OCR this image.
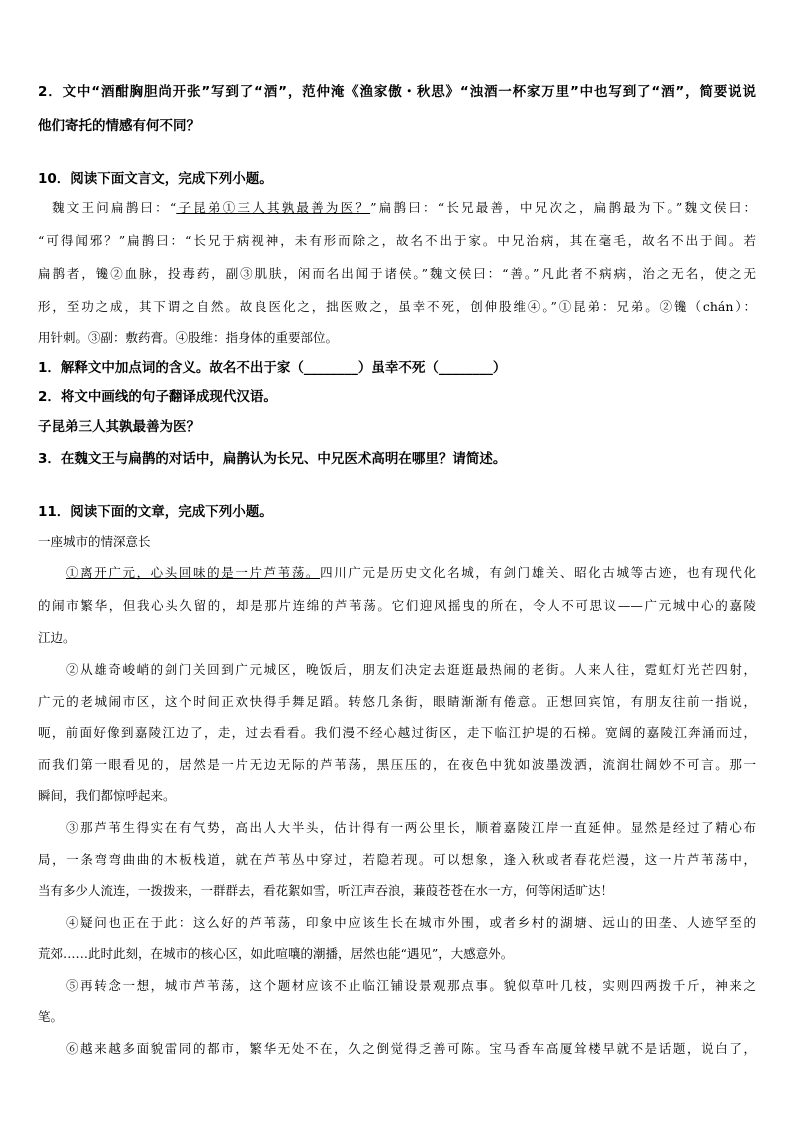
2．文中“酒酣胸胆尚开张”写到了“酒”，范仲淹《渔家傲・秋思》“浊酒一杯家万里”中也写到了“酒”，简要说说
他们寄托的情感有何不同？
10．阅读下面文言文，完成下列小题。
魏文王问扁鹊曰：“子昆弟①三人其孰最善为医？”扁鹊曰：“长兄最善，中兄次之，扁鹊最为下。”魏文侯曰：
“可得闻邪？”扁鹊曰：“长兄于病视神，未有形而除之，故名不出于家。中兄治病，其在毫毛，故名不出于闾。若
扁鹊者，镵②血脉，投毒药，副③肌肤，闲而名出闻于诸侯。”魏文侯曰：“善。”凡此者不病病，治之无名，使之无
形，至功之成，其下谓之自然。故良医化之，拙医败之，虽幸不死，创伸股维④。”①昆弟：兄弟。②镵（chán）：
用针刺。③副：敷药膏。④股维：指身体的重要部位。
1．解释文中加点词的含义。故名不出于家（________）虽幸不死（________）
2．将文中画线的句子翻译成现代汉语。
子昆弟三人其孰最善为医？
3．在魏文王与扁鹊的对话中，扁鹊认为长兄、中兄医术高明在哪里？请简述。
11．阅读下面的文章，完成下列小题。
一座城市的情深意长
①离开广元，心头回味的是一片芦苇荡。四川广元是历史文化名城，有剑门雄关、昭化古城等古迹，也有现代化
的闹市繁华，但我心头久留的，却是那片连绵的芦苇荡。它们迎风摇曳的所在，令人不可思议——广元城中心的嘉陵
江边。
②从雄奇峻峭的剑门关回到广元城区，晚饭后，朋友们决定去逛逛最热闹的老街。人来人往，霓虹灯光芒四射，
广元的老城闹市区，这个时间正欢快得手舞足蹈。转悠几条街，眼睛渐渐有倦意。正想回宾馆，有朋友往前一指说，
呃，前面好像到嘉陵江边了，走，过去看看。我们漫不经心越过街区，走下临江护堤的石梯。宽阔的嘉陵江奔涌而过，
而我们第一眼看见的，居然是一片无边无际的芦苇荡，黑压压的，在夜色中犹如波墨泼洒，流润壮阔妙不可言。那一
瞬间，我们都惊呼起来。
③那芦苇生得实在有气势，高出人大半头，估计得有一两公里长，顺着嘉陵江岸一直延伸。显然是经过了精心布
局，一条弯弯曲曲的木板栈道，就在芦苇丛中穿过，若隐若现。可以想象，逢入秋或者春花烂漫，这一片芦苇荡中，
当有多少人流连，一拨拨来，一群群去，看花絮如雪，听江声吞浪，蒹葭苍苍在水一方，何等闲适旷达！
④疑问也正在于此：这么好的芦苇荡，印象中应该生长在城市外围，或者乡村的湖塘、远山的田垄、人迹罕至的
荒郊……此时此刻，在城市的核心区，如此喧嚷的潮播，居然也能“遇见”，大感意外。
⑤再转念一想，城市芦苇荡，这个题材应该不止临江铺设景观那点事。貌似草叶几枝，实则四两拨千斤，神来之
笔。
⑥越来越多面貌雷同的都市，繁华无处不在，久之倒觉得乏善可陈。宝马香车高厦耸楼早就不是话题，说白了，
